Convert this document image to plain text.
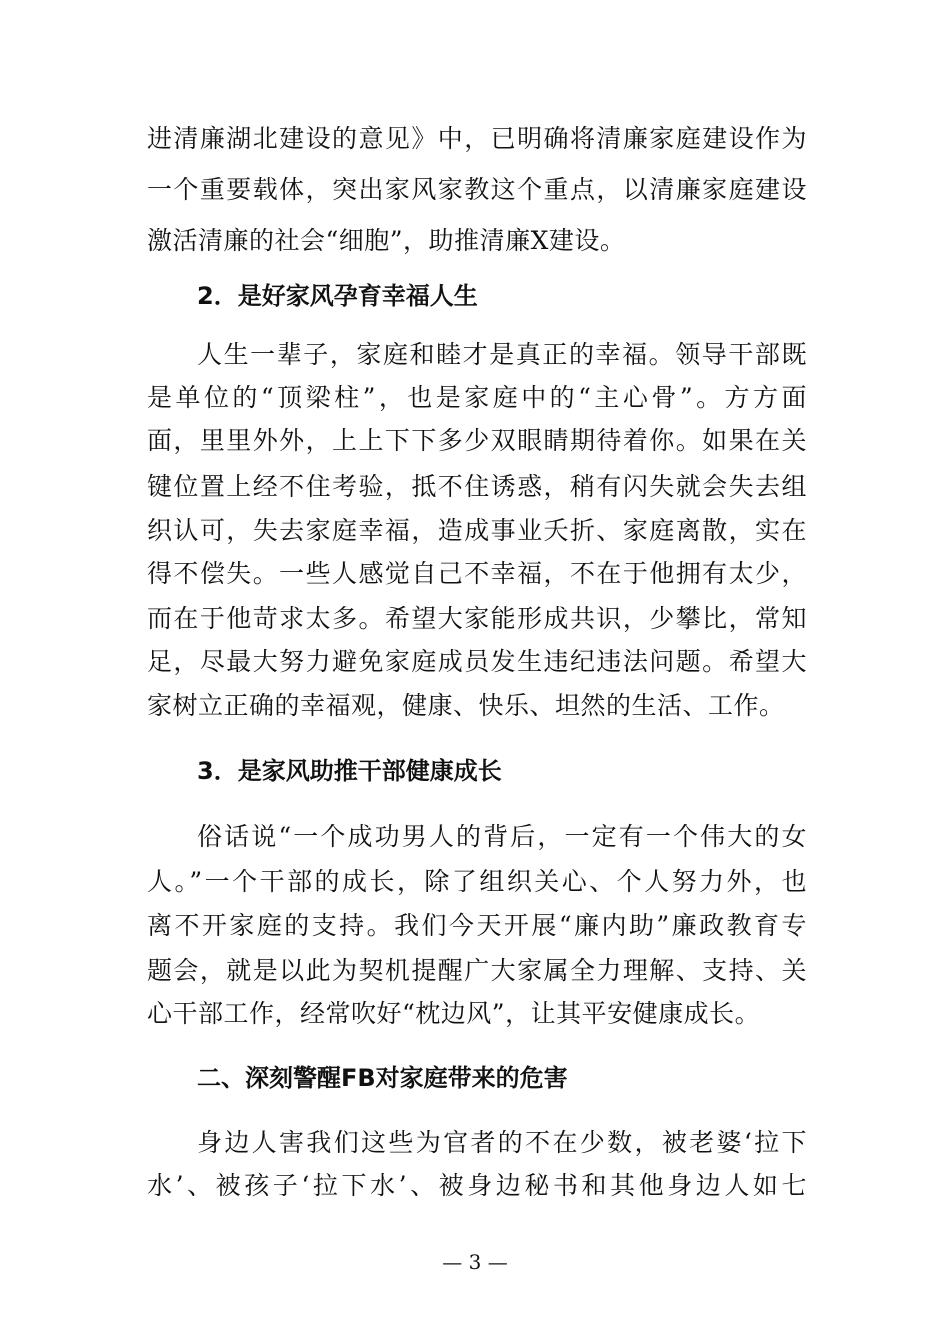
进清廉湖北建设的意见》中，已明确将清廉家庭建设作为
一个重要载体，突出家风家教这个重点，以清廉家庭建设
激活清廉的社会“细胞”，助推清廉X建设。
2．是好家风孕育幸福人生
人生一辈子，家庭和睦才是真正的幸福。领导干部既
是单位的“顶梁柱”，也是家庭中的“主心骨”。方方面
面，里里外外，上上下下多少双眼睛期待着你。如果在关
键位置上经不住考验，抵不住诱惑，稍有闪失就会失去组
织认可，失去家庭幸福，造成事业夭折、家庭离散，实在
得不偿失。一些人感觉自己不幸福，不在于他拥有太少，
而在于他苛求太多。希望大家能形成共识，少攀比，常知
足，尽最大努力避免家庭成员发生违纪违法问题。希望大
家树立正确的幸福观，健康、快乐、坦然的生活、工作。
3．是家风助推干部健康成长
俗话说“一个成功男人的背后，一定有一个伟大的女
人。”一个干部的成长，除了组织关心、个人努力外，也
离不开家庭的支持。我们今天开展“廉内助”廉政教育专
题会，就是以此为契机提醒广大家属全力理解、支持、关
心干部工作，经常吹好“枕边风”，让其平安健康成长。
二、深刻警醒FB对家庭带来的危害
身边人害我们这些为官者的不在少数，被老婆‘拉下
水’、被孩子‘拉下水’、被身边秘书和其他身边人如七
— 3 —
